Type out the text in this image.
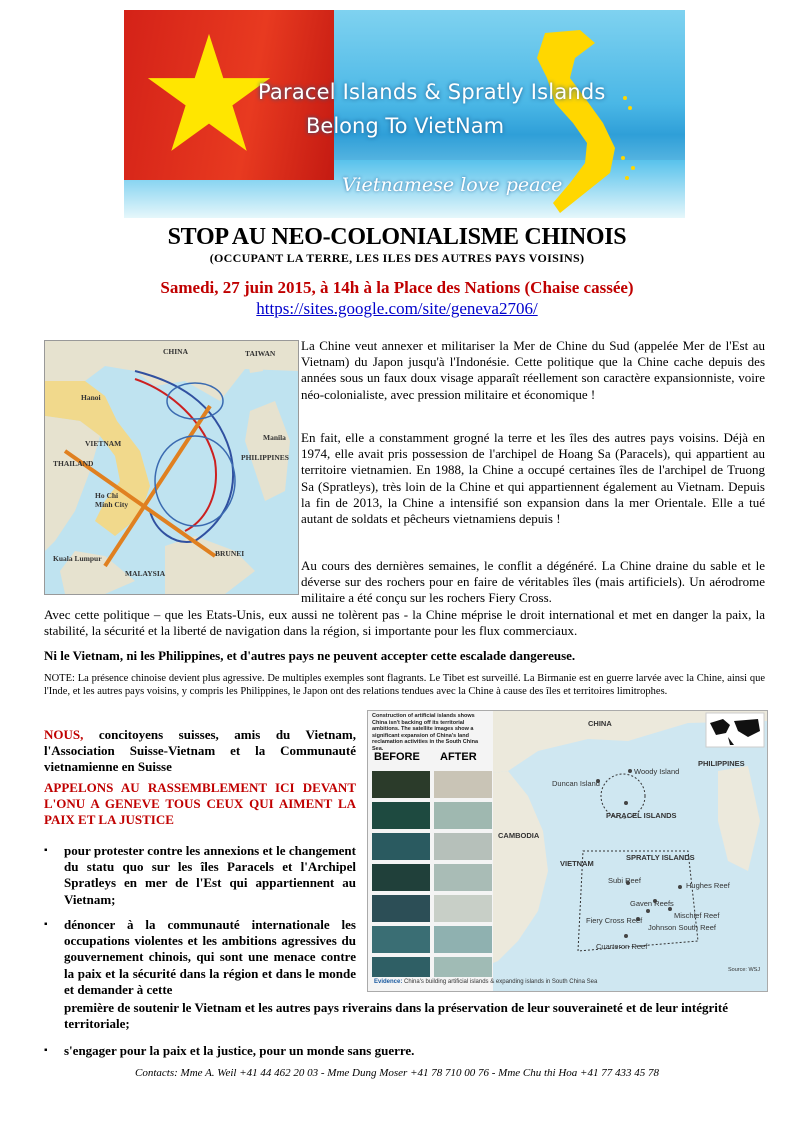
Paracel Islands & Spratly Islands
Belong To VietNam
Vietnamese love peace
STOP AU NEO-COLONIALISME CHINOIS
(OCCUPANT LA TERRE, LES ILES DES AUTRES PAYS VOISINS)
Samedi, 27 juin 2015, à 14h à la Place des Nations (Chaise cassée)
https://sites.google.com/site/geneva2706/
CHINA	TAIWAN
Hanoi
VIETNAM
THAILAND
Ho Chi Minh City
PHILIPPINES
Manila
Kuala Lumpur
MALAYSIA
BRUNEI

La Chine veut annexer et militariser la Mer de Chine du Sud (appelée Mer de l'Est au Vietnam) du Japon jusqu'à l'Indonésie. Cette politique que la Chine cache depuis des années sous un faux doux visage apparaît réellement son caractère expansionniste, voire néo-colonialiste, avec pression militaire et économique !

En fait, elle a constamment grogné la terre et les îles des autres pays voisins. Déjà en 1974, elle avait pris possession de l'archipel de Hoang Sa (Paracels), qui appartient au territoire vietnamien. En 1988, la Chine a occupé certaines îles de l'archipel de Truong Sa (Spratleys), très loin de la Chine et qui appartiennent également au Vietnam. Depuis la fin de 2013, la Chine a intensifié son expansion dans la mer Orientale. Elle a tué autant de soldats et pêcheurs vietnamiens depuis !

Au cours des dernières semaines, le conflit a dégénéré. La Chine draine du sable et le déverse sur des rochers pour en faire de véritables îles (mais artificiels). Un aérodrome militaire a été conçu sur les rochers Fiery Cross.

Avec cette politique – que les Etats-Unis, eux aussi ne tolèrent pas - la Chine méprise le droit international et met en danger la paix, la stabilité, la sécurité et la liberté de navigation dans la région, si importante pour les flux commerciaux.

Ni le Vietnam, ni les Philippines, et d'autres pays ne peuvent accepter cette escalade dangereuse.
NOTE: La présence chinoise devient plus agressive. De multiples exemples sont flagrants. Le Tibet est surveillé. La Birmanie est en guerre larvée avec la Chine, ainsi que l'Inde, et les autres pays voisins, y compris les Philippines, le Japon ont des relations tendues avec la Chine à cause des îles et territoires limitrophes.
NOUS, concitoyens suisses, amis du Vietnam, l'Association Suisse-Vietnam et la Communauté vietnamienne en Suisse
APPELONS AU RASSEMBLEMENT ICI DEVANT L'ONU A GENEVE TOUS CEUX QUI AIMENT LA PAIX ET LA JUSTICE
▪ pour protester contre les annexions et le changement du statu quo sur les îles Paracels et l'Archipel Spratleys en mer de l'Est qui appartiennent au Vietnam;
▪ dénoncer à la communauté internationale les occupations violentes et les ambitions agressives du gouvernement chinois, qui sont une menace contre la paix et la sécurité dans la région et dans le monde et demander à cette
première de soutenir le Vietnam et les autres pays riverains dans la préservation de leur souveraineté et de leur intégrité territoriale;
▪ s'engager pour la paix et la justice, pour un monde sans guerre.
Contacts: Mme A. Weil +41 44 462 20 03 - Mme Dung Moser +41 78 710 00 76 - Mme Chu thi Hoa +41 77 433 45 78
Construction of artificial islands shows China isn't backing off its territorial ambitions. The satellite images show a significant expansion of China's land reclamation activities in the South China Sea.
BEFORE AFTER
CHINA
PHILIPPINES
Woody Island
Duncan Island
PARACEL ISLANDS
VIETNAM
CAMBODIA
SPRATLY ISLANDS
Subi Reef
Hughes Reef
Gaven Reefs
Mischief Reef
Fiery Cross Reef
Johnson South Reef
Cuarteron Reef
Source: WSJ
Evidence: China's building artificial islands & expanding islands in South China Sea
